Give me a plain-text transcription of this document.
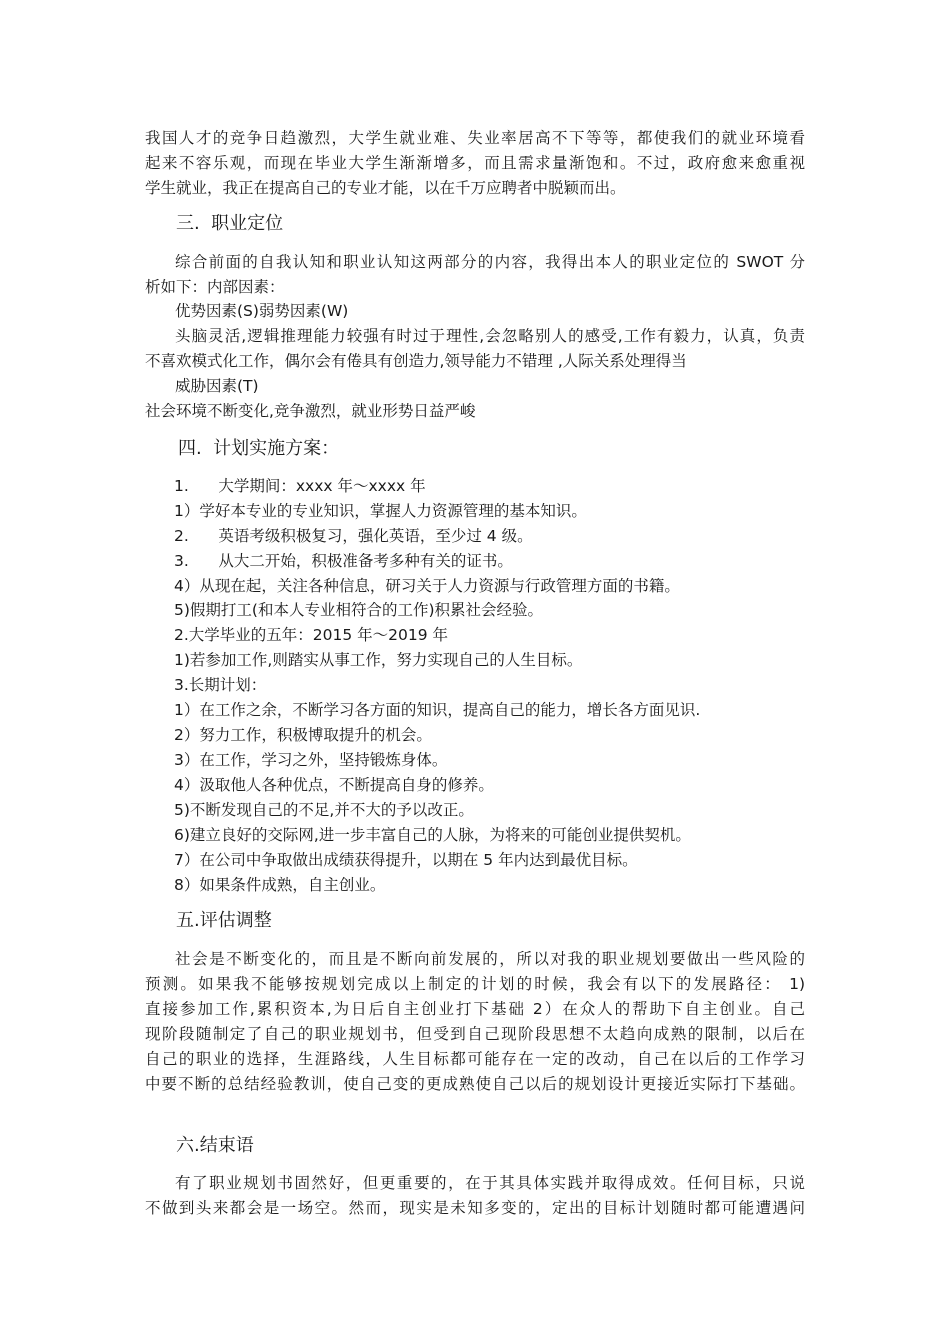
我国人才的竞争日趋激烈，大学生就业难、失业率居高不下等等，都使我们的就业环境看
起来不容乐观，而现在毕业大学生渐渐增多，而且需求量渐饱和。不过，政府愈来愈重视
学生就业，我正在提高自己的专业才能，以在千万应聘者中脱颖而出。
三.  职业定位
综合前面的自我认知和职业认知这两部分的内容，我得出本人的职业定位的 SWOT 分
析如下：内部因素：
优势因素(S)弱势因素(W)
头脑灵活,逻辑推理能力较强有时过于理性,会忽略别人的感受,工作有毅力，认真，负责
不喜欢模式化工作，偶尔会有倦具有创造力,领导能力不错理 ,人际关系处理得当
威胁因素(T)
社会环境不断变化,竞争激烈，就业形势日益严峻
四.  计划实施方案：
1.      大学期间：xxxx 年～xxxx 年
1）学好本专业的专业知识，掌握人力资源管理的基本知识。
2.      英语考级积极复习，强化英语，至少过 4 级。
3.      从大二开始，积极准备考多种有关的证书。
4）从现在起，关注各种信息，研习关于人力资源与行政管理方面的书籍。
5)假期打工(和本人专业相符合的工作)积累社会经验。
2.大学毕业的五年：2015 年～2019 年
1)若参加工作,则踏实从事工作，努力实现自己的人生目标。
3.长期计划：
1）在工作之余，不断学习各方面的知识，提高自己的能力，增长各方面见识.
2）努力工作，积极博取提升的机会。
3）在工作，学习之外，坚持锻炼身体。
4）汲取他人各种优点，不断提高自身的修养。
5)不断发现自己的不足,并不大的予以改正。
6)建立良好的交际网,进一步丰富自己的人脉，为将来的可能创业提供契机。
7）在公司中争取做出成绩获得提升，以期在 5 年内达到最优目标。
8）如果条件成熟，自主创业。
五.评估调整
社会是不断变化的，而且是不断向前发展的，所以对我的职业规划要做出一些风险的
预测。如果我不能够按规划完成以上制定的计划的时候，我会有以下的发展路径： 1)
直接参加工作,累积资本,为日后自主创业打下基础 2）在众人的帮助下自主创业。自己
现阶段随制定了自己的职业规划书，但受到自己现阶段思想不太趋向成熟的限制，以后在
自己的职业的选择，生涯路线，人生目标都可能存在一定的改动，自己在以后的工作学习
中要不断的总结经验教训，使自己变的更成熟使自己以后的规划设计更接近实际打下基础。
六.结束语
有了职业规划书固然好，但更重要的，在于其具体实践并取得成效。任何目标，只说
不做到头来都会是一场空。然而，现实是未知多变的，定出的目标计划随时都可能遭遇问
